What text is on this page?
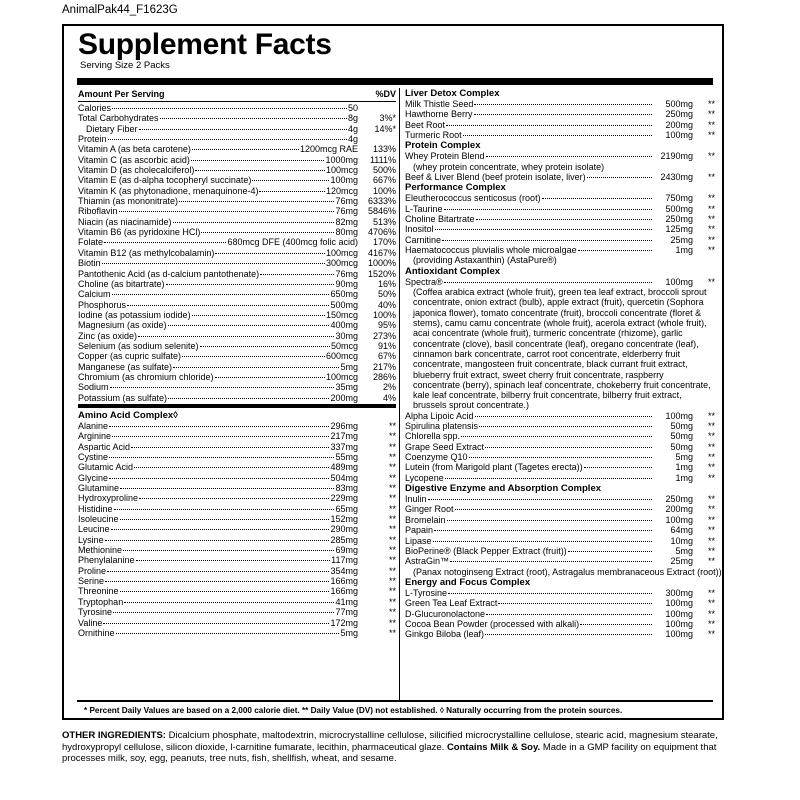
AnimalPak44_F1623G
Supplement Facts
Serving Size 2 Packs
Amount Per Serving	%DV
Calories	50
Total Carbohydrates	8g	3%*
Dietary Fiber	4g	14%*
Protein	4g
Vitamin A (as beta carotene)	1200mcg RAE	133%
Vitamin C (as ascorbic acid)	1000mg	1111%
Vitamin D (as cholecalciferol)	100mcg	500%
Vitamin E (as d-alpha tocopheryl succinate)	100mg	667%
Vitamin K (as phytonadione, menaquinone-4)	120mcg	100%
Thiamin (as mononitrate)	76mg	6333%
Riboflavin	76mg	5846%
Niacin (as niacinamide)	82mg	513%
Vitamin B6 (as pyridoxine HCl)	80mg	4706%
Folate	680mcg DFE (400mcg folic acid)	170%
Vitamin B12 (as methylcobalamin)	100mcg	4167%
Biotin	300mcg	1000%
Pantothenic Acid (as d-calcium pantothenate)	76mg	1520%
Choline (as bitartrate)	90mg	16%
Calcium	650mg	50%
Phosphorus	500mg	40%
Iodine (as potassium iodide)	150mcg	100%
Magnesium (as oxide)	400mg	95%
Zinc (as oxide)	30mg	273%
Selenium (as sodium selenite)	50mcg	91%
Copper (as cupric sulfate)	600mcg	67%
Manganese (as sulfate)	5mg	217%
Chromium (as chromium chloride)	100mcg	286%
Sodium	35mg	2%
Potassium (as sulfate)	200mg	4%
Amino Acid Complex◊
Alanine	296mg	**
Arginine	217mg	**
Aspartic Acid	337mg	**
Cystine	55mg	**
Glutamic Acid	489mg	**
Glycine	504mg	**
Glutamine	83mg	**
Hydroxyproline	229mg	**
Histidine	65mg	**
Isoleucine	152mg	**
Leucine	290mg	**
Lysine	285mg	**
Methionine	69mg	**
Phenylalanine	117mg	**
Proline	354mg	**
Serine	166mg	**
Threonine	166mg	**
Tryptophan	41mg	**
Tyrosine	77mg	**
Valine	172mg	**
Ornithine	5mg	**
Liver Detox Complex
Milk Thistle Seed	500mg	**
Hawthorne Berry	250mg	**
Beet Root	200mg	**
Turmeric Root	100mg	**
Protein Complex
Whey Protein Blend	2190mg	**
(whey protein concentrate, whey protein isolate)
Beef & Liver Blend (beef protein isolate, liver)	2430mg	**
Performance Complex
Eleutherococcus senticosus (root)	750mg	**
L-Taurine	500mg	**
Choline Bitartrate	250mg	**
Inositol	125mg	**
Carnitine	25mg	**
Haematococcus pluvialis whole microalgae	1mg	**
(providing Astaxanthin) (AstaPure®)
Antioxidant Complex
Spectra®	100mg	**
(Coffea arabica extract (whole fruit), green tea leaf extract, broccoli sprout concentrate, onion extract (bulb), apple extract (fruit), quercetin (Sophora japonica flower), tomato concentrate (fruit), broccoli concentrate (floret & stems), camu camu concentrate (whole fruit), acerola extract (whole fruit), acai concentrate (whole fruit), turmeric concentrate (rhizome), garlic concentrate (clove), basil concentrate (leaf), oregano concentrate (leaf), cinnamon bark concentrate, carrot root concentrate, elderberry fruit concentrate, mangosteen fruit concentrate, black currant fruit extract, blueberry fruit extract, sweet cherry fruit concentrate, raspberry concentrate (berry), spinach leaf concentrate, chokeberry fruit concentrate, kale leaf concentrate, bilberry fruit concentrate, bilberry fruit extract, brussels sprout concentrate.)
Alpha Lipoic Acid	100mg	**
Spirulina platensis	50mg	**
Chlorella spp.	50mg	**
Grape Seed Extract	50mg	**
Coenzyme Q10	5mg	**
Lutein (from Marigold plant (Tagetes erecta))	1mg	**
Lycopene	1mg	**
Digestive Enzyme and Absorption Complex
Inulin	250mg	**
Ginger Root	200mg	**
Bromelain	100mg	**
Papain	64mg	**
Lipase	10mg	**
BioPerine® (Black Pepper Extract (fruit))	5mg	**
AstraGin™	25mg	**
(Panax notoginseng Extract (root), Astragalus membranaceous Extract (root))
Energy and Focus Complex
L-Tyrosine	300mg	**
Green Tea Leaf Extract	100mg	**
D-Glucuronolactone	100mg	**
Cocoa Bean Powder (processed with alkali)	100mg	**
Ginkgo Biloba (leaf)	100mg	**
* Percent Daily Values are based on a 2,000 calorie diet. ** Daily Value (DV) not established. ◊ Naturally occurring from the protein sources.
OTHER INGREDIENTS: Dicalcium phosphate, maltodextrin, microcrystalline cellulose, silicified microcrystalline cellulose, stearic acid, magnesium stearate, hydroxypropyl cellulose, silicon dioxide, l-carnitine fumarate, lecithin, pharmaceutical glaze. Contains Milk & Soy. Made in a GMP facility on equipment that processes milk, soy, egg, peanuts, tree nuts, fish, shellfish, wheat, and sesame.
